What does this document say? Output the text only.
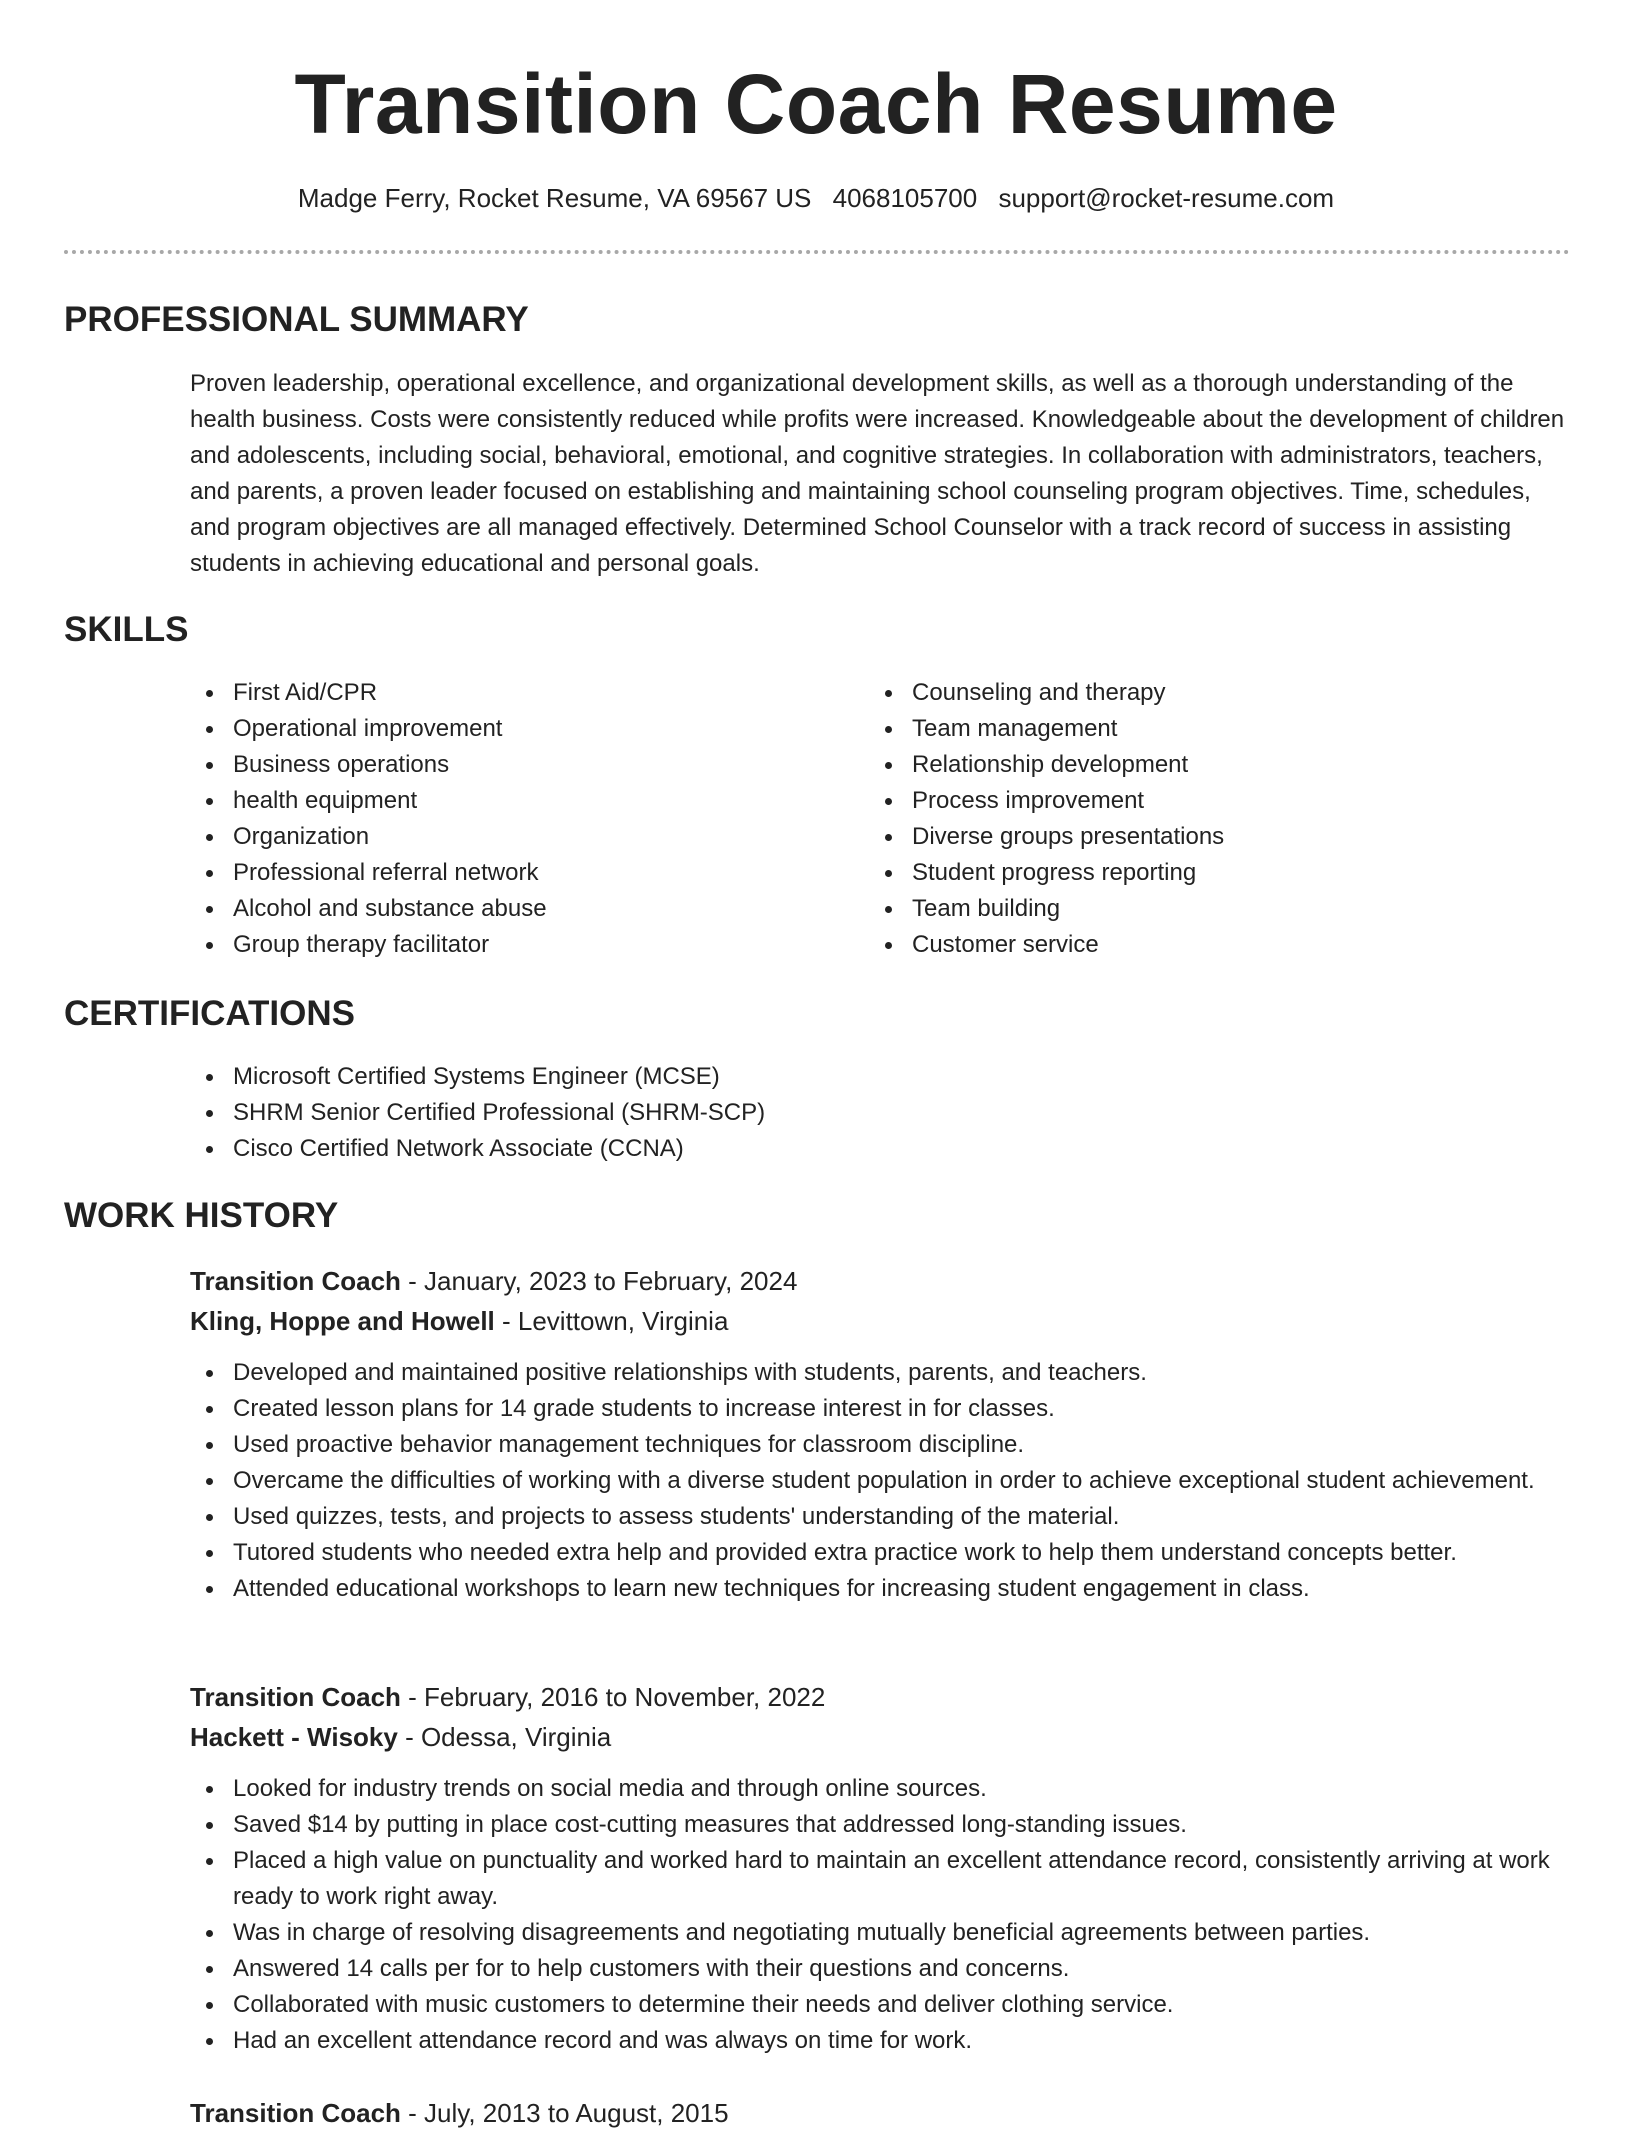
Transition Coach Resume
Madge Ferry, Rocket Resume, VA 69567 US 4068105700 support@rocket-resume.com
PROFESSIONAL SUMMARY

Proven leadership, operational excellence, and organizational development skills, as well as a thorough understanding of the health business. Costs were consistently reduced while profits were increased. Knowledgeable about the development of children and adolescents, including social, behavioral, emotional, and cognitive strategies. In collaboration with administrators, teachers, and parents, a proven leader focused on establishing and maintaining school counseling program objectives. Time, schedules, and program objectives are all managed effectively. Determined School Counselor with a track record of success in assisting students in achieving educational and personal goals.

SKILLS
First Aid/CPR
Operational improvement
Business operations
health equipment
Organization
Professional referral network
Alcohol and substance abuse
Group therapy facilitator
Counseling and therapy
Team management
Relationship development
Process improvement
Diverse groups presentations
Student progress reporting
Team building
Customer service
CERTIFICATIONS
Microsoft Certified Systems Engineer (MCSE)
SHRM Senior Certified Professional (SHRM-SCP)
Cisco Certified Network Associate (CCNA)
WORK HISTORY
Transition Coach - January, 2023 to February, 2024
Kling, Hoppe and Howell - Levittown, Virginia
Developed and maintained positive relationships with students, parents, and teachers.
Created lesson plans for 14 grade students to increase interest in for classes.
Used proactive behavior management techniques for classroom discipline.
Overcame the difficulties of working with a diverse student population in order to achieve exceptional student achievement.
Used quizzes, tests, and projects to assess students' understanding of the material.
Tutored students who needed extra help and provided extra practice work to help them understand concepts better.
Attended educational workshops to learn new techniques for increasing student engagement in class.
Transition Coach - February, 2016 to November, 2022
Hackett - Wisoky - Odessa, Virginia
Looked for industry trends on social media and through online sources.
Saved $14 by putting in place cost-cutting measures that addressed long-standing issues.
Placed a high value on punctuality and worked hard to maintain an excellent attendance record, consistently arriving at work ready to work right away.
Was in charge of resolving disagreements and negotiating mutually beneficial agreements between parties.
Answered 14 calls per for to help customers with their questions and concerns.
Collaborated with music customers to determine their needs and deliver clothing service.
Had an excellent attendance record and was always on time for work.
Transition Coach - July, 2013 to August, 2015
